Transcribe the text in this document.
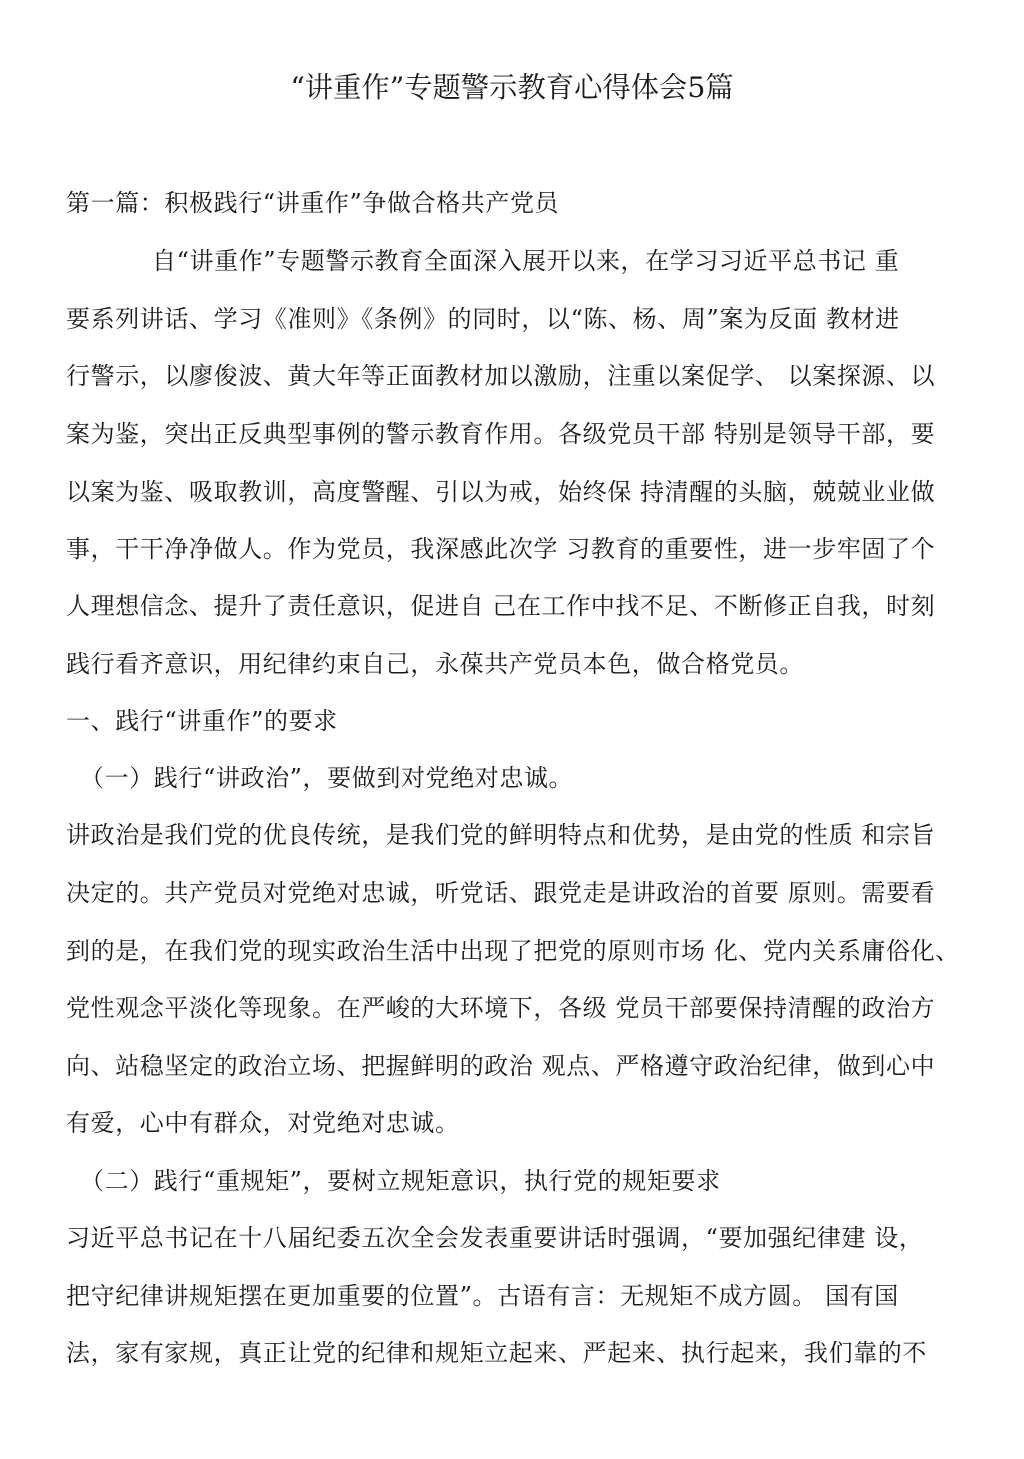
“讲重作”专题警示教育心得体会5篇
第一篇：积极践行“讲重作”争做合格共产党员
自“讲重作”专题警示教育全面深入展开以来，在学习习近平总书记 重
要系列讲话、学习《准则》《条例》的同时，以“陈、杨、周”案为反面 教材进
行警示，以廖俊波、黄大年等正面教材加以激励，注重以案促学、 以案探源、以
案为鉴，突出正反典型事例的警示教育作用。各级党员干部 特别是领导干部，要
以案为鉴、吸取教训，高度警醒、引以为戒，始终保 持清醒的头脑，兢兢业业做
事，干干净净做人。作为党员，我深感此次学 习教育的重要性，进一步牢固了个
人理想信念、提升了责任意识，促进自 己在工作中找不足、不断修正自我，时刻
践行看齐意识，用纪律约束自己，永葆共产党员本色，做合格党员。
一、践行“讲重作”的要求
（一）践行“讲政治”，要做到对党绝对忠诚。
讲政治是我们党的优良传统，是我们党的鲜明特点和优势，是由党的性质 和宗旨
决定的。共产党员对党绝对忠诚，听党话、跟党走是讲政治的首要 原则。需要看
到的是，在我们党的现实政治生活中出现了把党的原则市场 化、党内关系庸俗化、
党性观念平淡化等现象。在严峻的大环境下，各级 党员干部要保持清醒的政治方
向、站稳坚定的政治立场、把握鲜明的政治 观点、严格遵守政治纪律，做到心中
有爱，心中有群众，对党绝对忠诚。
（二）践行“重规矩”，要树立规矩意识，执行党的规矩要求
习近平总书记在十八届纪委五次全会发表重要讲话时强调，“要加强纪律建 设，
把守纪律讲规矩摆在更加重要的位置”。古语有言：无规矩不成方圆。 国有国
法，家有家规，真正让党的纪律和规矩立起来、严起来、执行起来，我们靠的不
